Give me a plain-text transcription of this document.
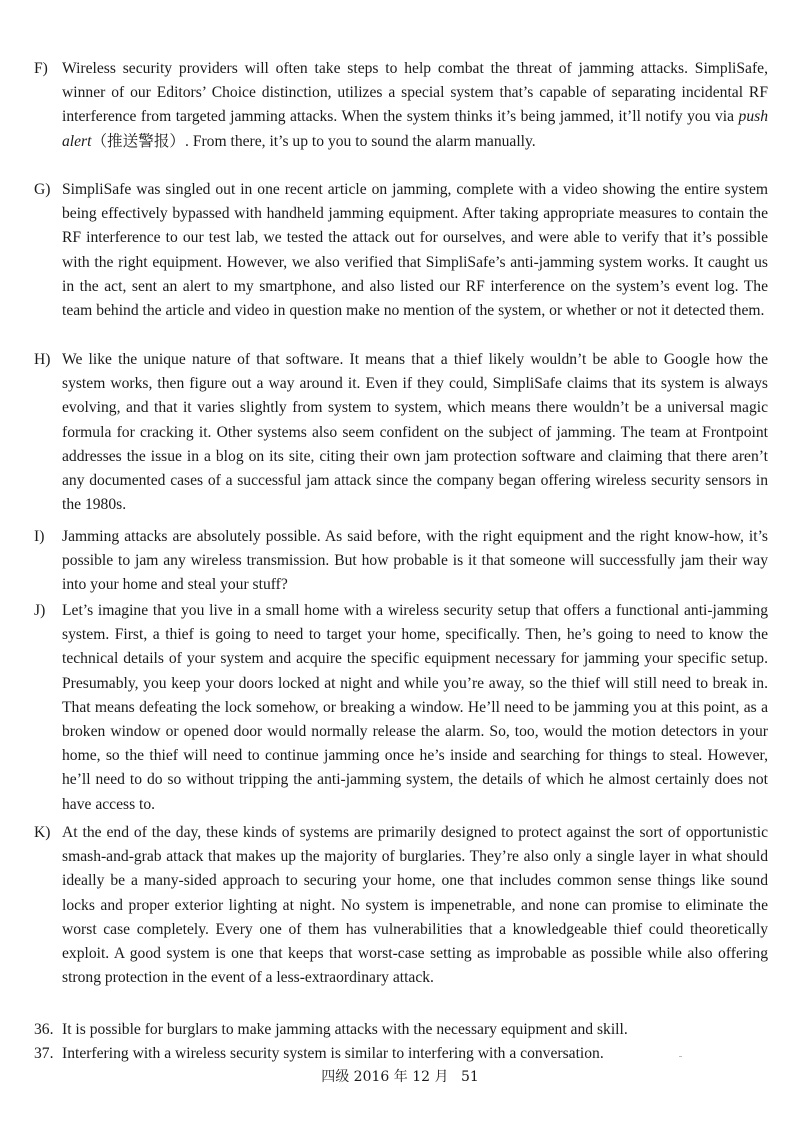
F) Wireless security providers will often take steps to help combat the threat of jamming attacks. SimpliSafe, winner of our Editors’ Choice distinction, utilizes a special system that’s capable of separating incidental RF interference from targeted jamming attacks. When the system thinks it’s being jammed, it’ll notify you via push alert（推送警报）. From there, it’s up to you to sound the alarm manually.
G) SimpliSafe was singled out in one recent article on jamming, complete with a video showing the entire system being effectively bypassed with handheld jamming equipment. After taking appropriate measures to contain the RF interference to our test lab, we tested the attack out for ourselves, and were able to verify that it’s possible with the right equipment. However, we also verified that SimpliSafe’s anti-jamming system works. It caught us in the act, sent an alert to my smartphone, and also listed our RF interference on the system’s event log. The team behind the article and video in question make no mention of the system, or whether or not it detected them.
H) We like the unique nature of that software. It means that a thief likely wouldn’t be able to Google how the system works, then figure out a way around it. Even if they could, SimpliSafe claims that its system is always evolving, and that it varies slightly from system to system, which means there wouldn’t be a universal magic formula for cracking it. Other systems also seem confident on the subject of jamming. The team at Frontpoint addresses the issue in a blog on its site, citing their own jam protection software and claiming that there aren’t any documented cases of a successful jam attack since the company began offering wireless security sensors in the 1980s.
I)	Jamming attacks are absolutely possible. As said before, with the right equipment and the right know-how, it’s possible to jam any wireless transmission. But how probable is it that someone will successfully jam their way into your home and steal your stuff?
J)	Let’s imagine that you live in a small home with a wireless security setup that offers a functional anti-jamming system. First, a thief is going to need to target your home, specifically. Then, he’s going to need to know the technical details of your system and acquire the specific equipment necessary for jamming your specific setup. Presumably, you keep your doors locked at night and while you’re away, so the thief will still need to break in. That means defeating the lock somehow, or breaking a window. He’ll need to be jamming you at this point, as a broken window or opened door would normally release the alarm. So, too, would the motion detectors in your home, so the thief will need to continue jamming once he’s inside and searching for things to steal. However, he’ll need to do so without tripping the anti-jamming system, the details of which he almost certainly does not have access to.
K) At the end of the day, these kinds of systems are primarily designed to protect against the sort of opportunistic smash-and-grab attack that makes up the majority of burglaries. They’re also only a single layer in what should ideally be a many-sided approach to securing your home, one that includes common sense things like sound locks and proper exterior lighting at night. No system is impenetrable, and none can promise to eliminate the worst case completely. Every one of them has vulnerabilities that a knowledgeable thief could theoretically exploit. A good system is one that keeps that worst-case setting as improbable as possible while also offering strong protection in the event of a less-extraordinary attack.
36. It is possible for burglars to make jamming attacks with the necessary equipment and skill.
37. Interfering with a wireless security system is similar to interfering with a conversation.
四级 2016 年 12 月 51
